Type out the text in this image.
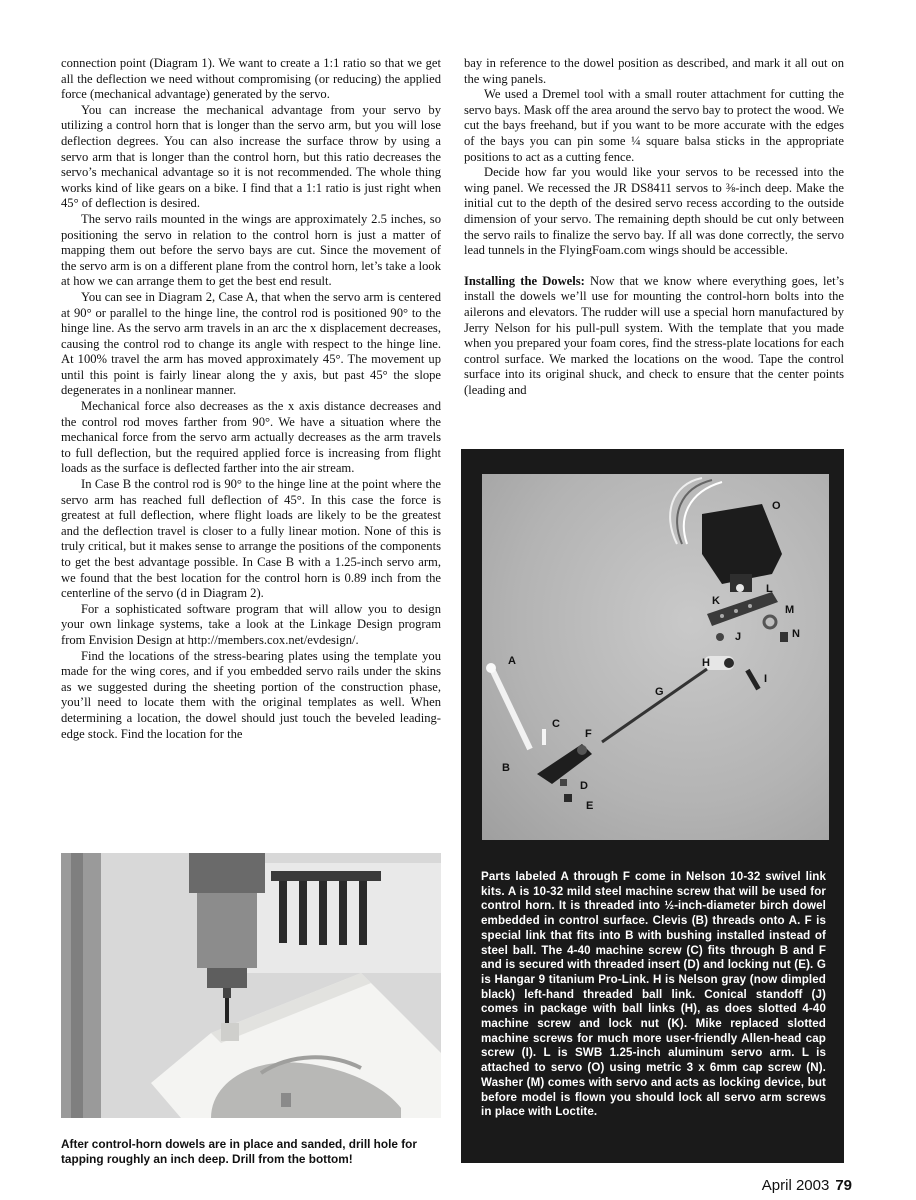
connection point (Diagram 1). We want to create a 1:1 ratio so that we get all the deflection we need without compromising (or reducing) the applied force (mechanical advantage) generated by the servo.

You can increase the mechanical advantage from your servo by utilizing a control horn that is longer than the servo arm, but you will lose deflection degrees. You can also increase the surface throw by using a servo arm that is longer than the control horn, but this ratio decreases the servo’s mechanical advantage so it is not recommended. The whole thing works kind of like gears on a bike. I find that a 1:1 ratio is just right when 45° of deflection is desired.

The servo rails mounted in the wings are approximately 2.5 inches, so positioning the servo in relation to the control horn is just a matter of mapping them out before the servo bays are cut. Since the movement of the servo arm is on a different plane from the control horn, let’s take a look at how we can arrange them to get the best end result.

You can see in Diagram 2, Case A, that when the servo arm is centered at 90° or parallel to the hinge line, the control rod is positioned 90° to the hinge line. As the servo arm travels in an arc the x displacement decreases, causing the control rod to change its angle with respect to the hinge line. At 100% travel the arm has moved approximately 45°. The movement up until this point is fairly linear along the y axis, but past 45° the slope degenerates in a nonlinear manner.

Mechanical force also decreases as the x axis distance decreases and the control rod moves farther from 90°. We have a situation where the mechanical force from the servo arm actually decreases as the arm travels to full deflection, but the required applied force is increasing from flight loads as the surface is deflected farther into the air stream.

In Case B the control rod is 90° to the hinge line at the point where the servo arm has reached full deflection of 45°. In this case the force is greatest at full deflection, where flight loads are likely to be the greatest and the deflection travel is closer to a fully linear motion. None of this is truly critical, but it makes sense to arrange the positions of the components to get the best advantage possible. In Case B with a 1.25-inch servo arm, we found that the best location for the control horn is 0.89 inch from the centerline of the servo (d in Diagram 2).

For a sophisticated software program that will allow you to design your own linkage systems, take a look at the Linkage Design program from Envision Design at http://members.cox.net/evdesign/.

Find the locations of the stress-bearing plates using the template you made for the wing cores, and if you embedded servo rails under the skins as we suggested during the sheeting portion of the construction phase, you’ll need to locate them with the original templates as well. When determining a location, the dowel should just touch the beveled leading-edge stock. Find the location for the

bay in reference to the dowel position as described, and mark it all out on the wing panels.

We used a Dremel tool with a small router attachment for cutting the servo bays. Mask off the area around the servo bay to protect the wood. We cut the bays freehand, but if you want to be more accurate with the edges of the bays you can pin some ¼ square balsa sticks in the appropriate positions to act as a cutting fence.

Decide how far you would like your servos to be recessed into the wing panel. We recessed the JR DS8411 servos to ⅜-inch deep. Make the initial cut to the depth of the desired servo recess according to the outside dimension of your servo. The remaining depth should be cut only between the servo rails to finalize the servo bay. If all was done correctly, the servo lead tunnels in the FlyingFoam.com wings should be accessible.

Installing the Dowels: Now that we know where everything goes, let’s install the dowels we’ll use for mounting the control-horn bolts into the ailerons and elevators. The rudder will use a special horn manufactured by Jerry Nelson for his pull-pull system. With the template that you made when you prepared your foam cores, find the stress-plate locations for each control surface. We marked the locations on the wood. Tape the control surface into its original shuck, and check to ensure that the center points (leading and

After control-horn dowels are in place and sanded, drill hole for tapping roughly an inch deep. Drill from the bottom!
O
L
K
M
N
J
H
I
G
A
C
F
B
D
E
Parts labeled A through F come in Nelson 10-32 swivel link kits. A is 10-32 mild steel machine screw that will be used for control horn. It is threaded into ½-inch-diameter birch dowel embedded in control surface. Clevis (B) threads onto A. F is special link that fits into B with bushing installed instead of steel ball. The 4-40 machine screw (C) fits through B and F and is secured with threaded insert (D) and locking nut (E). G is Hangar 9 titanium Pro-Link. H is Nelson gray (now dimpled black) left-hand threaded ball link. Conical standoff (J) comes in package with ball links (H), as does slotted 4-40 machine screw and lock nut (K). Mike replaced slotted machine screws for much more user-friendly Allen-head cap screw (I). L is SWB 1.25-inch aluminum servo arm. L is attached to servo (O) using metric 3 x 6mm cap screw (N). Washer (M) comes with servo and acts as locking device, but before model is flown you should lock all servo arm screws in place with Loctite.
April 2003 79
